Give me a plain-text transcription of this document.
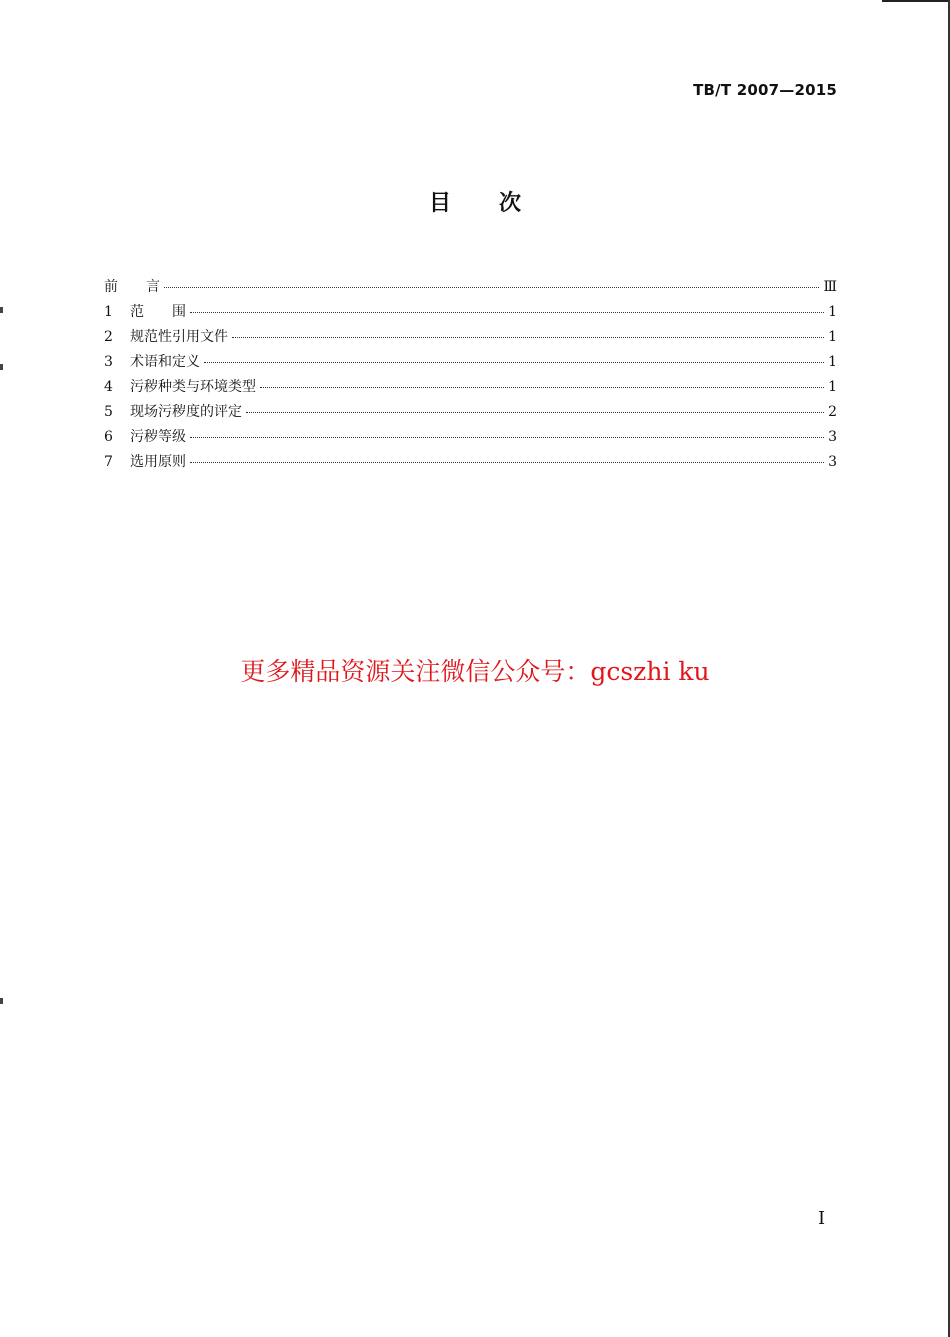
TB/T 2007—2015
目 次
前　　言	Ⅲ
1	范　　围	1
2	规范性引用文件	1
3	术语和定义	1
4	污秽种类与环境类型	1
5	现场污秽度的评定	2
6	污秽等级	3
7	选用原则	3
更多精品资源关注微信公众号：gcszhi ku
I
